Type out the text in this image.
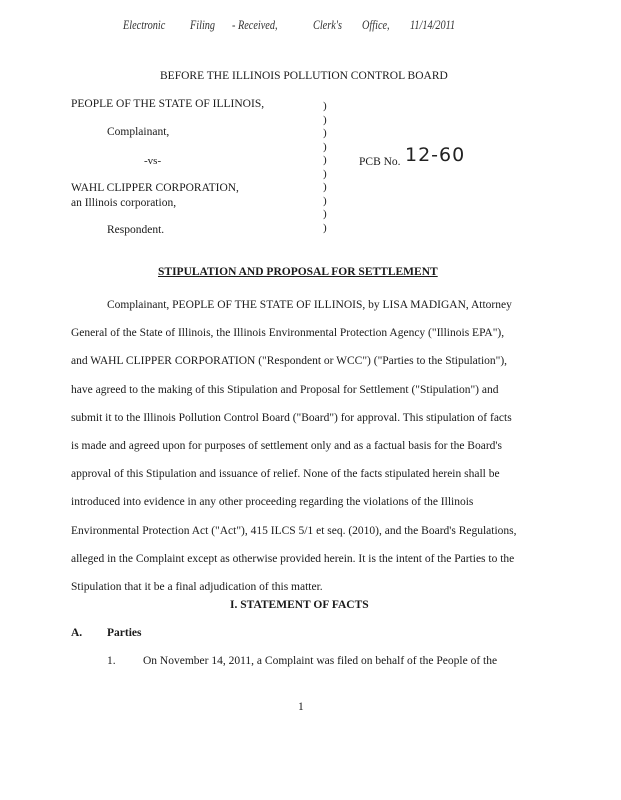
Electronic Filing - Received,	Clerk's Office, 11/14/2011
BEFORE THE ILLINOIS POLLUTION CONTROL BOARD
PEOPLE OF THE STATE OF ILLINOIS,
Complainant,
-vs-
WAHL CLIPPER CORPORATION,
an Illinois corporation,
Respondent.
)
)
)
)
)
)
)
)
)
)
PCB No. 12-60
STIPULATION AND PROPOSAL FOR SETTLEMENT
Complainant, PEOPLE OF THE STATE OF ILLINOIS, by LISA MADIGAN, Attorney
General of the State of Illinois, the Illinois Environmental Protection Agency ("Illinois EPA"),
and WAHL CLIPPER CORPORATION ("Respondent or WCC") ("Parties to the Stipulation"),
have agreed to the making of this Stipulation and Proposal for Settlement ("Stipulation") and
submit it to the Illinois Pollution Control Board ("Board") for approval. This stipulation of facts
is made and agreed upon for purposes of settlement only and as a factual basis for the Board's
approval of this Stipulation and issuance of relief. None of the facts stipulated herein shall be
introduced into evidence in any other proceeding regarding the violations of the Illinois
Environmental Protection Act ("Act"), 415 ILCS 5/1 et seq. (2010), and the Board's Regulations,
alleged in the Complaint except as otherwise provided herein. It is the intent of the Parties to the
Stipulation that it be a final adjudication of this matter.
I. STATEMENT OF FACTS
A. Parties
1. On November 14, 2011, a Complaint was filed on behalf of the People of the
1
